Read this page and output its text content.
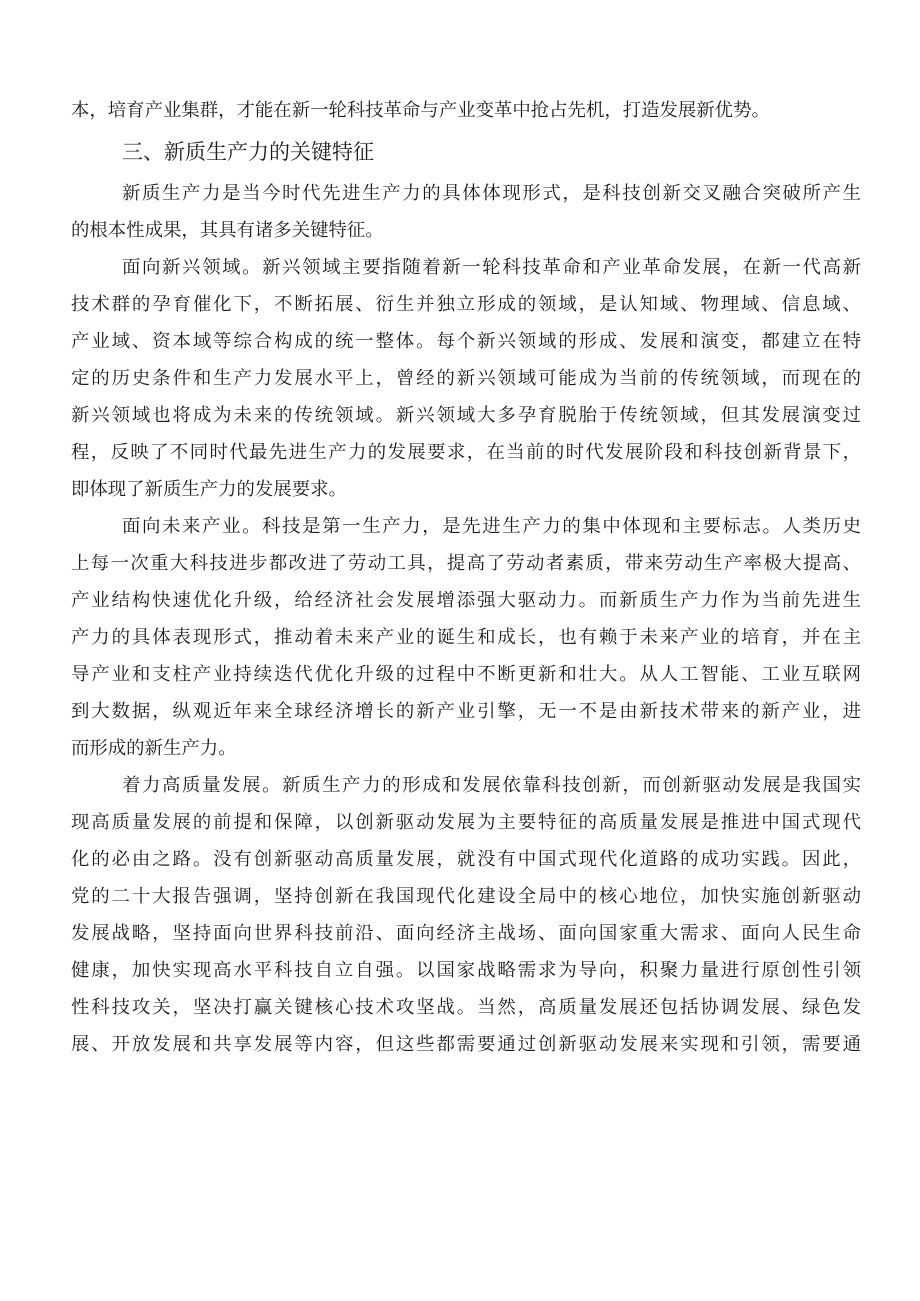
本，培育产业集群，才能在新一轮科技革命与产业变革中抢占先机，打造发展新优势。
三、新质生产力的关键特征
新质生产力是当今时代先进生产力的具体体现形式，是科技创新交叉融合突破所产生
的根本性成果，其具有诸多关键特征。
面向新兴领域。新兴领域主要指随着新一轮科技革命和产业革命发展，在新一代高新
技术群的孕育催化下，不断拓展、衍生并独立形成的领域，是认知域、物理域、信息域、
产业域、资本域等综合构成的统一整体。每个新兴领域的形成、发展和演变，都建立在特
定的历史条件和生产力发展水平上，曾经的新兴领域可能成为当前的传统领域，而现在的
新兴领域也将成为未来的传统领域。新兴领域大多孕育脱胎于传统领域，但其发展演变过
程，反映了不同时代最先进生产力的发展要求，在当前的时代发展阶段和科技创新背景下，
即体现了新质生产力的发展要求。
面向未来产业。科技是第一生产力，是先进生产力的集中体现和主要标志。人类历史
上每一次重大科技进步都改进了劳动工具，提高了劳动者素质，带来劳动生产率极大提高、
产业结构快速优化升级，给经济社会发展增添强大驱动力。而新质生产力作为当前先进生
产力的具体表现形式，推动着未来产业的诞生和成长，也有赖于未来产业的培育，并在主
导产业和支柱产业持续迭代优化升级的过程中不断更新和壮大。从人工智能、工业互联网
到大数据，纵观近年来全球经济增长的新产业引擎，无一不是由新技术带来的新产业，进
而形成的新生产力。
着力高质量发展。新质生产力的形成和发展依靠科技创新，而创新驱动发展是我国实
现高质量发展的前提和保障，以创新驱动发展为主要特征的高质量发展是推进中国式现代
化的必由之路。没有创新驱动高质量发展，就没有中国式现代化道路的成功实践。因此，
党的二十大报告强调，坚持创新在我国现代化建设全局中的核心地位，加快实施创新驱动
发展战略，坚持面向世界科技前沿、面向经济主战场、面向国家重大需求、面向人民生命
健康，加快实现高水平科技自立自强。以国家战略需求为导向，积聚力量进行原创性引领
性科技攻关，坚决打赢关键核心技术攻坚战。当然，高质量发展还包括协调发展、绿色发
展、开放发展和共享发展等内容，但这些都需要通过创新驱动发展来实现和引领，需要通
